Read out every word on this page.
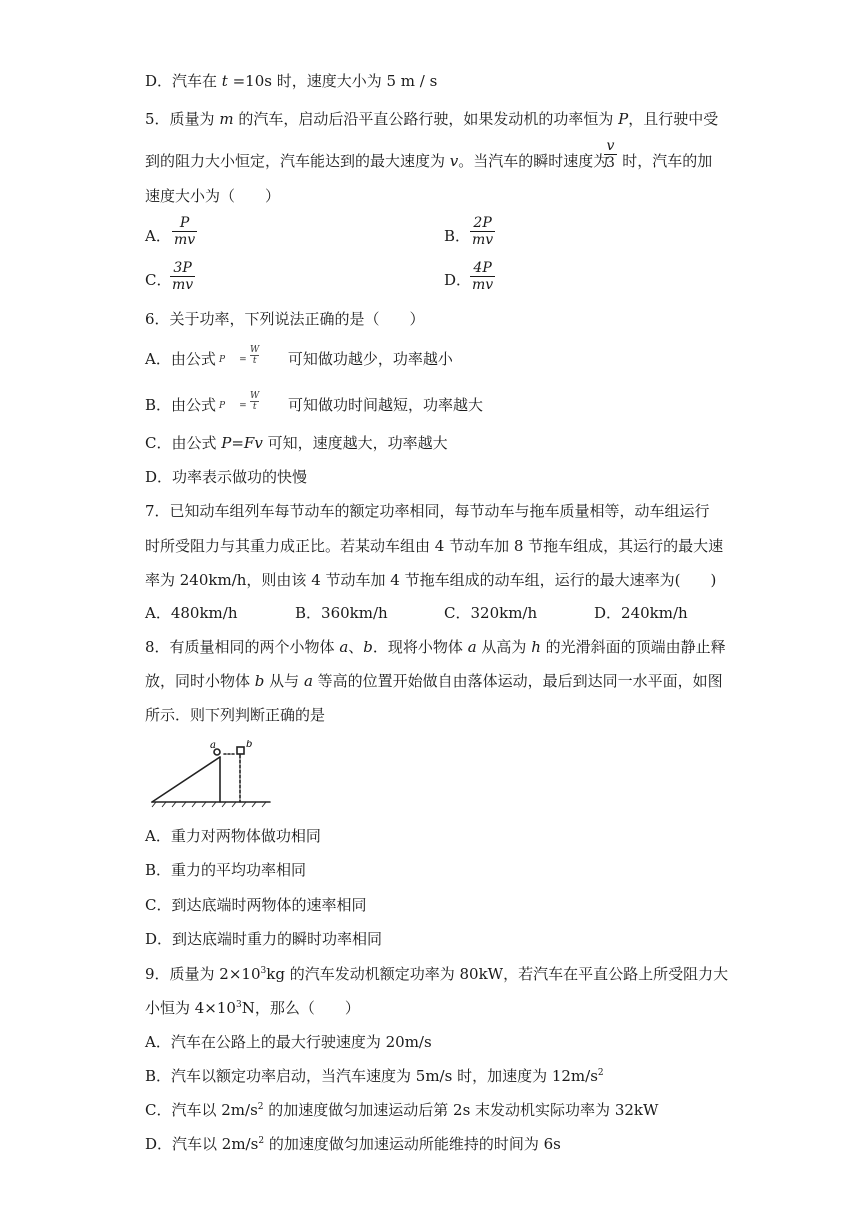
D．汽车在 t =10s 时，速度大小为 5 m / s
5．质量为 m 的汽车，启动后沿平直公路行驶，如果发动机的功率恒为 P，且行驶中受
到的阻力大小恒定，汽车能达到的最大速度为 v。当汽车的瞬时速度为 时，汽车的加
v
3
速度大小为（　　）
A．
P
mv	B．
2P
mv
C．
3P
mv	D．
4P
mv
6．关于功率，下列说法正确的是（　　）
A．由公式	可知做功越少，功率越小
P =
W
t
B．由公式	可知做功时间越短，功率越大
P =
W
t
C．由公式 P=Fv 可知，速度越大，功率越大
D．功率表示做功的快慢
7．已知动车组列车每节动车的额定功率相同，每节动车与拖车质量相等，动车组运行
时所受阻力与其重力成正比。若某动车组由 4 节动车加 8 节拖车组成，其运行的最大速
率为 240km/h，则由该 4 节动车加 4 节拖车组成的动车组，运行的最大速率为(　　)
A．480km/h	B．360km/h	C．320km/h	D．240km/h
8．有质量相同的两个小物体 a、b．现将小物体 a 从高为 h 的光滑斜面的顶端由静止释
放，同时小物体 b 从与 a 等高的位置开始做自由落体运动，最后到达同一水平面，如图
所示．则下列判断正确的是
a	b
A．重力对两物体做功相同
B．重力的平均功率相同
C．到达底端时两物体的速率相同
D．到达底端时重力的瞬时功率相同
9．质量为 $2\times 10^3kg$ 的汽车发动机额定功率为 80kW，若汽车在平直公路上所受阻力大
小恒为 $4\times 10^3N$，那么（　　）
A．汽车在公路上的最大行驶速度为 20m/s
B．汽车以额定功率启动，当汽车速度为 5m/s 时，加速度为 $12m/s^2$
C．汽车以 $2m/s^2$ 的加速度做匀加速运动后第 2s 末发动机实际功率为 32kW
D．汽车以 $2m/s^2$ 的加速度做匀加速运动所能维持的时间为 6s
